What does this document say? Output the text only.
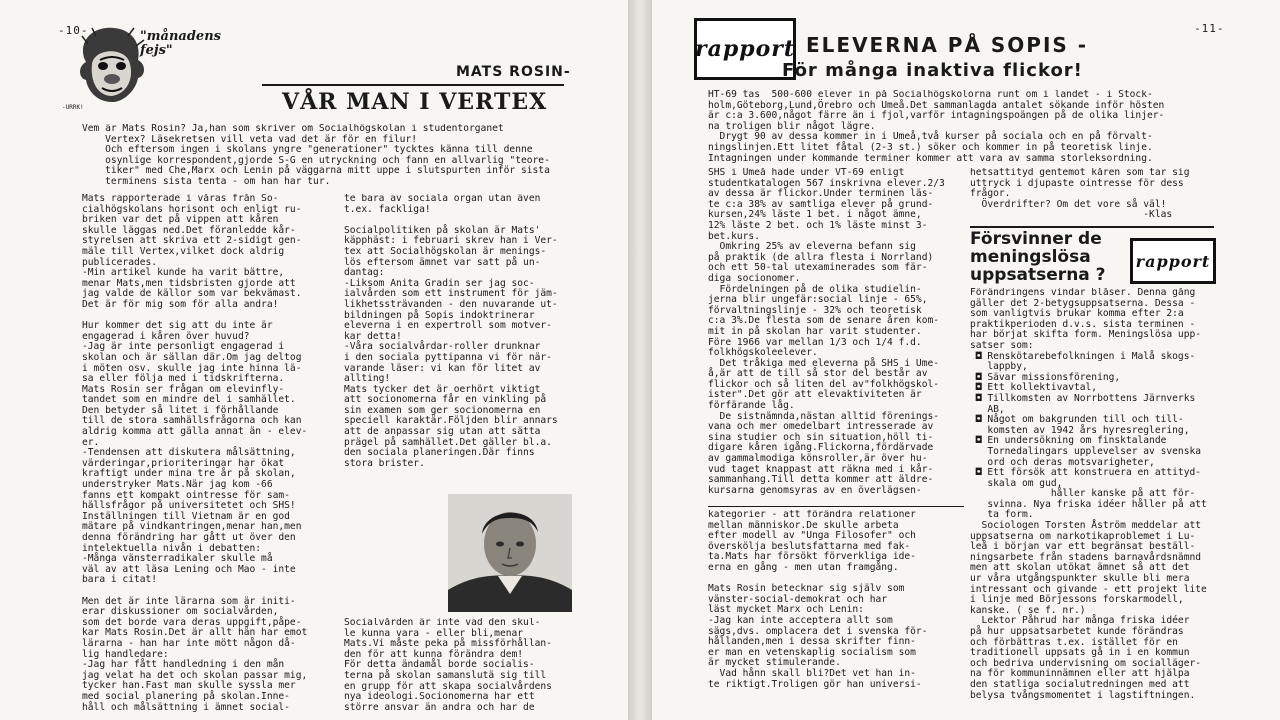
-10-	"månadens
fejs"
-URRK!
MATS ROSIN-
VÅR MAN I VERTEX
Vem är Mats Rosin? Ja,han som skriver om Socialhögskolan i studentorganet
Vertex? Läsekretsen vill veta vad det är för en filur!
Och eftersom ingen i skolans yngre "generationer" tycktes känna till denne
osynlige korrespondent,gjorde S-G en utryckning och fann en allvarlig "teore-
tiker" med Che,Marx och Lenin på väggarna mitt uppe i slutspurten inför sista
terminens sista tenta - om han har tur.
Mats rapporterade i våras från So-
cialhögskolans horisont och enligt ru-
briken var det på vippen att kåren
skulle läggas ned.Det föranledde kår-
styrelsen att skriva ett 2-sidigt gen-
mäle till Vertex,vilket dock aldrig
publicerades.
-Min artikel kunde ha varit bättre,
menar Mats,men tidsbristen gjorde att
jag valde de källor som var bekvämast.
Det är för mig som för alla andra!

Hur kommer det sig att du inte är
engagerad i kåren över huvud?
-Jag är inte personligt engagerad i
skolan och är sällan där.Om jag deltog
i möten osv. skulle jag inte hinna lä-
sa eller följa med i tidskrifterna.
Mats Rosin ser frågan om elevinfly-
tandet som en mindre del i samhället.
Den betyder så litet i förhållande
till de stora samhällsfrågorna och kan
aldrig komma att gälla annat än - elev-
er.
-Tendensen att diskutera målsättning,
värderingar,prioriteringar har ökat
kraftigt under mina tre år på skolan,
understryker Mats.När jag kom -66
fanns ett kompakt ointresse för sam-
hällsfrågor på universitetet och SHS!
Inställningen till Vietnam är en god
mätare på vindkantringen,menar han,men
denna förändring har gått ut över den
intelektuella nivån i debatten:
-Många vänsterradikaler skulle må
väl av att läsa Lening och Mao - inte
bara i citat!

Men det är inte lärarna som är initi-
erar diskussioner om socialvården,
som det borde vara deras uppgift,påpe-
kar Mats Rosin.Det är allt hän har emot
lärarna - han har inte mött någon då-
lig handledare:
-Jag har fått handledning i den mån
jag velat ha det och skolan passar mig,
tycker han.Fast man skulle syssla mer
med social planering på skolan.Inne-
håll och målsättning i ämnet social-
te bara av sociala organ utan även
t.ex. fackliga!

Socialpolitiken på skolan är Mats'
käpphäst: i februari skrev han i Ver-
tex att Socialhögskolan är menings-
lös eftersom ämnet var satt på un-
dantag:
-Liksom Anita Gradin ser jag soc-
ialvården som ett instrument för jäm-
likhetssträvanden - den nuvarande ut-
bildningen på Sopis indoktrinerar
eleverna i en expertroll som motver-
kar detta!
-Våra socialvårdar-roller drunknar
i den sociala pyttipanna vi för när-
varande läser: vi kan för litet av
allting!
Mats tycker det är oerhört viktigt
att socionomerna får en vinkling på
sin examen som ger socionomerna en
speciell karaktär.Följden blir annars
att de anpassar sig utan att sätta
prägel på samhället.Det gäller bl.a.
den sociala planeringen.Där finns
stora brister.
Socialvården är inte vad den skul-
le kunna vara - eller bli,menar
Mats.Vi måste peka på missförhållan-
den för att kunna förändra dem!
För detta ändamål borde socialis-
terna på skolan samanslutä sig till
en grupp för att skapa socialvårdens
nya ideologi.Socionomerna har ett
större ansvar än andra och har de
-11-
rapport ELEVERNA PÅ SOPIS -
För många inaktiva flickor!
HT-69 tas  500-600 elever in på Socialhögskolorna runt om i landet - i Stock-
holm,Göteborg,Lund,Örebro och Umeå.Det sammanlagda antalet sökande inför hösten
är c:a 3.600,något färre än i fjol,varför intagningspoängen på de olika linjer-
na troligen blir något lägre.
Drygt 90 av dessa kommer in i Umeå,två kurser på sociala och en på förvalt-
ningslinjen.Ett litet fåtal (2-3 st.) söker och kommer in på teoretisk linje.
Intagningen under kommande terminer kommer att vara av samma storleksordning.
SHS i Umeå hade under VT-69 enligt
studentkatalogen 567 inskrivna elever.2/3
av dessa är flickor.Under terminen läs-
te c:a 38% av samtliga elever på grund-
kursen,24% läste 1 bet. i något ämne,
12% läste 2 bet. och 1% läste minst 3-
bet.kurs.
Omkring 25% av eleverna befann sig
på praktik (de allra flesta i Norrland)
och ett 50-tal utexaminerades som fär-
diga socionomer.
Fördelningen på de olika studielin-
jerna blir ungefär:social linje - 65%,
förvaltningslinje - 32% och teoretisk
c:a 3%.De flesta som de senare åren kom-
mit in på skolan har varit studenter.
Före 1966 var mellan 1/3 och 1/4 f.d.
folkhögskoleelever.
Det tråkiga med eleverna på SHS i Ume-
å,är att de till så stor del består av
flickor och så liten del av"folkhögskol-
ister".Det gör att elevaktiviteten är
förfärande låg.
De sistnämnda,nästan alltid förenings-
vana och mer omedelbart intresserade av
sina studier och sin situation,höll ti-
digare kåren igång.Flickorna,fördärvade
av gammalmodiga könsroller,är över hu-
vud taget knappast att räkna med i kår-
sammanhang.Till detta kommer att äldre-
kursarna genomsyras av en överlägsen-
kategorier - att förändra relationer
mellan människor.De skulle arbeta
efter modell av "Unga Filosofer" och
överskölja beslutsfattarna med fak-
ta.Mats har försökt förverkliga ide-
erna en gång - men utan framgång.

Mats Rosin betecknar sig själv som
vänster-social-demokrat och har
läst mycket Marx och Lenin:
-Jag kan inte acceptera allt som
sägs,dvs. omplacera det i svenska för-
hållanden,men i dessa skrifter finn-
er man en vetenskaplig socialism som
är mycket stimulerande.
Vad hånn skall bli?Det vet han in-
te riktigt.Troligen gör han universi-
hetsattityd gentemot kåren som tar sig
uttryck i djupaste ointresse för dess
frågor.
Överdrifter? Om det vore så väl!
-Klas
Försvinner de
meningslösa
uppsatserna ?
rapport
Förändringens vindar blåser. Denna gång
gäller det 2-betygsuppsatserna. Dessa -
som vanligtvis brukar komma efter 2:a
praktikperioden d.v.s. sista terminen -
har börjat skifta form. Meningslösa upp-
satser som:
◘ Renskötarebefolkningen i Malå skogs-
lappby,
◘ Sävar missionsförening,
◘ Ett kollektivavtal,
◘ Tillkomsten av Norrbottens Järnverks
AB,
◘ Något om bakgrunden till och till-
komsten av 1942 års hyresreglering,
◘ En undersökning om finsktalande
Tornedalingars upplevelser av svenska
ord och deras motsvarigheter,
◘ Ett försök att konstruera en attityd-
skala om gud,
håller kanske på att för-
svinna. Nya friska idéer håller på att
ta form.
Sociologen Torsten Åström meddelar att
uppsatserna om narkotikaproblemet i Lu-
leå i början var ett begränsat beställ-
ningsarbete från stadens barnavårdsnämnd
men att skolan utökat ämnet så att det
ur våra utgångspunkter skulle bli mera
intressant och givande - ett projekt lite
i linje med Börjessons forskarmodell,
kanske. ( se f. nr.)
Lektor Påhrud har många friska idéer
på hur uppsatsarbetet kunde förändras
och förbättras t.ex. istället för en
traditionell uppsats gå in i en kommun
och bedriva undervisning om socialläger-
na för kommuninnämnen eller att hjälpa
den statliga socialutredningen med att
belysa tvångsmomentet i lagstiftningen.
